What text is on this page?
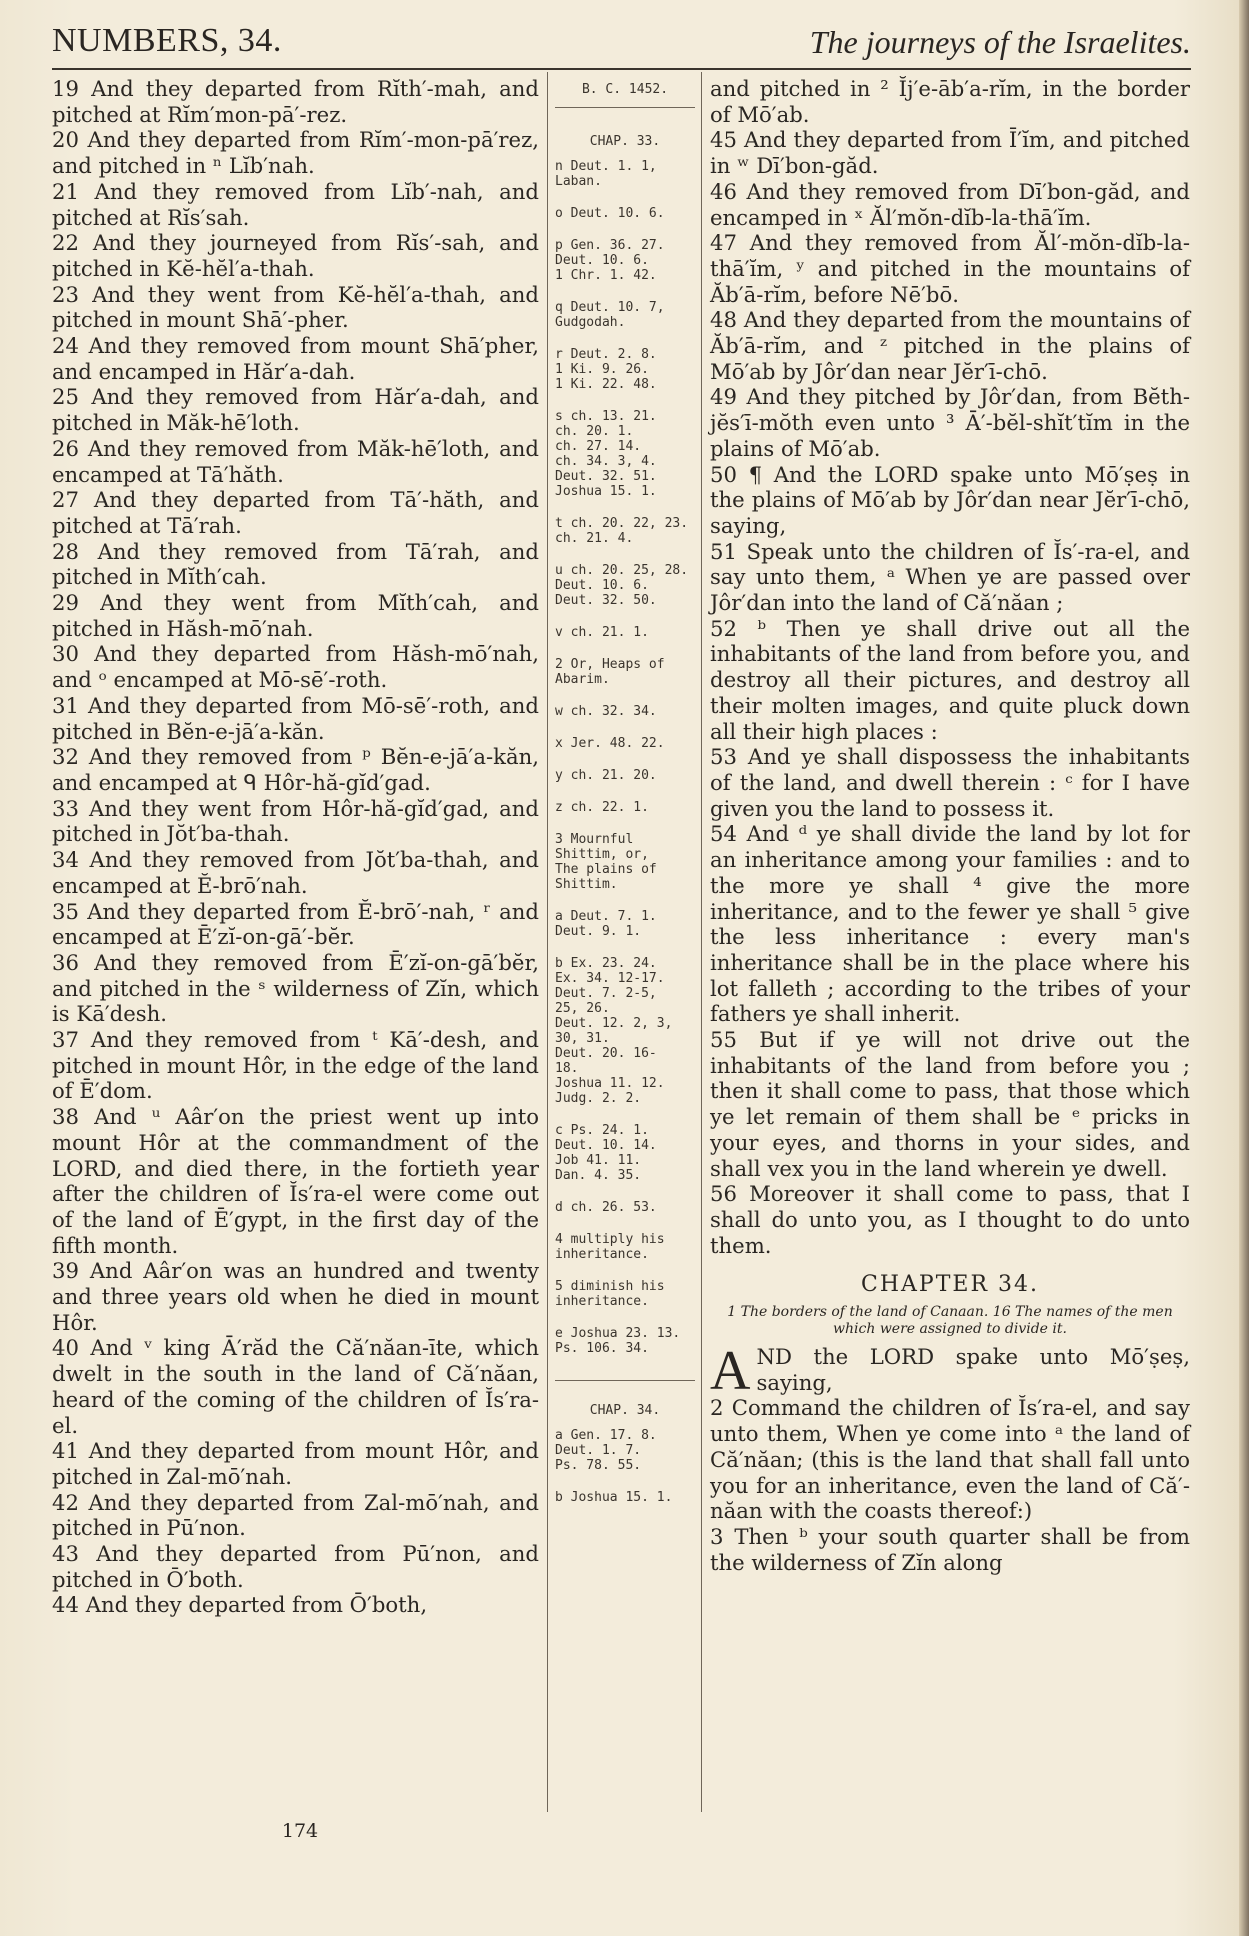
NUMBERS, 34.	The journeys of the Israelites.

19 And they departed from Rĭth′-mah, and pitched at Rĭm′mon-pā′-rez.

20 And they departed from Rĭm′-mon-pā′rez, and pitched in ⁿ Lĭb′nah.

21 And they removed from Lĭb′-nah, and pitched at Rĭs′sah.

22 And they journeyed from Rĭs′-sah, and pitched in Kĕ-hĕl′a-thah.

23 And they went from Kĕ-hĕl′a-thah, and pitched in mount Shā′-pher.

24 And they removed from mount Shā′pher, and encamped in Hăr′a-dah.

25 And they removed from Hăr′a-dah, and pitched in Măk-hē′loth.

26 And they removed from Măk-hē′loth, and encamped at Tā′hăth.

27 And they departed from Tā′-hăth, and pitched at Tā′rah.

28 And they removed from Tā′rah, and pitched in Mĭth′cah.

29 And they went from Mĭth′cah, and pitched in Hăsh-mō′nah.

30 And they departed from Hăsh-mō′nah, and ᵒ encamped at Mō-sē′-roth.

31 And they departed from Mō-sē′-roth, and pitched in Bĕn-e-jā′a-kăn.

32 And they removed from ᵖ Bĕn-e-jā′a-kăn, and encamped at ᑫ Hôr-hă-gĭd′gad.

33 And they went from Hôr-hă-gĭd′gad, and pitched in Jŏt′ba-thah.

34 And they removed from Jŏt′ba-thah, and encamped at Ĕ-brō′nah.

35 And they departed from Ĕ-brō′-nah, ʳ and encamped at Ē′zĭ-on-gā′-bĕr.

36 And they removed from Ē′zĭ-on-gā′bĕr, and pitched in the ˢ wilderness of Zĭn, which is Kā′desh.

37 And they removed from ᵗ Kā′-desh, and pitched in mount Hôr, in the edge of the land of Ē′dom.

38 And ᵘ Aâr′on the priest went up into mount Hôr at the commandment of the LORD, and died there, in the fortieth year after the children of Ĭs′ra-el were come out of the land of Ē′gypt, in the first day of the fifth month.

39 And Aâr′on was an hundred and twenty and three years old when he died in mount Hôr.

40 And ᵛ king Ā′răd the Că′năan-īte, which dwelt in the south in the land of Că′năan, heard of the coming of the children of Ĭs′ra-el.

41 And they departed from mount Hôr, and pitched in Zal-mō′nah.

42 And they departed from Zal-mō′nah, and pitched in Pū′non.

43 And they departed from Pū′non, and pitched in Ō′both.

44 And they departed from Ō′both,

B. C. 1452.
CHAP. 33.
n Deut. 1. 1,
Laban.
o Deut. 10. 6.
p Gen. 36. 27.
Deut. 10. 6.
1 Chr. 1. 42.
q Deut. 10. 7,
Gudgodah.
r Deut. 2. 8.
1 Ki. 9. 26.
1 Ki. 22. 48.
s ch. 13. 21.
ch. 20. 1.
ch. 27. 14.
ch. 34. 3, 4.
Deut. 32. 51.
Joshua 15. 1.
t ch. 20. 22, 23.
ch. 21. 4.
u ch. 20. 25, 28.
Deut. 10. 6.
Deut. 32. 50.
v ch. 21. 1.
2 Or, Heaps of
Abarim.
w ch. 32. 34.
x Jer. 48. 22.
y ch. 21. 20.
z ch. 22. 1.
3 Mournful
Shittim, or,
The plains of
Shittim.
a Deut. 7. 1.
Deut. 9. 1.
b Ex. 23. 24.
Ex. 34. 12-17.
Deut. 7. 2-5,
25, 26.
Deut. 12. 2, 3,
30, 31.
Deut. 20. 16-
18.
Joshua 11. 12.
Judg. 2. 2.
c Ps. 24. 1.
Deut. 10. 14.
Job 41. 11.
Dan. 4. 35.
d ch. 26. 53.
4 multiply his
inheritance.
5 diminish his
inheritance.
e Joshua 23. 13.
Ps. 106. 34.
CHAP. 34.
a Gen. 17. 8.
Deut. 1. 7.
Ps. 78. 55.
b Joshua 15. 1.

and pitched in ² Ĭj′e-āb′a-rĭm, in the border of Mō′ab.

45 And they departed from Ī′ĭm, and pitched in ʷ Dī′bon-găd.

46 And they removed from Dī′bon-găd, and encamped in ˣ Ăl′mŏn-dĭb-la-thā′ĭm.

47 And they removed from Ăl′-mŏn-dĭb-la-thā′ĭm, ʸ and pitched in the mountains of Ăb′ā-rĭm, before Nē′bō.

48 And they departed from the mountains of Ăb′ā-rĭm, and ᶻ pitched in the plains of Mō′ab by Jôr′dan near Jĕr′ī-chō.

49 And they pitched by Jôr′dan, from Bĕth-jĕs′ī-mŏth even unto ³ Ā′-bĕl-shĭt′tĭm in the plains of Mō′ab.

50 ¶ And the LORD spake unto Mō′ṣeṣ in the plains of Mō′ab by Jôr′dan near Jĕr′ī-chō, saying,

51 Speak unto the children of Ĭs′-ra-el, and say unto them, ᵃ When ye are passed over Jôr′dan into the land of Că′năan ;

52 ᵇ Then ye shall drive out all the inhabitants of the land from before you, and destroy all their pictures, and destroy all their molten images, and quite pluck down all their high places :

53 And ye shall dispossess the inhabitants of the land, and dwell therein : ᶜ for I have given you the land to possess it.

54 And ᵈ ye shall divide the land by lot for an inheritance among your families : and to the more ye shall ⁴ give the more inheritance, and to the fewer ye shall ⁵ give the less inheritance : every man's inheritance shall be in the place where his lot falleth ; according to the tribes of your fathers ye shall inherit.

55 But if ye will not drive out the inhabitants of the land from before you ; then it shall come to pass, that those which ye let remain of them shall be ᵉ pricks in your eyes, and thorns in your sides, and shall vex you in the land wherein ye dwell.

56 Moreover it shall come to pass, that I shall do unto you, as I thought to do unto them.

CHAPTER 34.
1 The borders of the land of Canaan. 16 The names of the men which were assigned to divide it.

AND the LORD spake unto Mō′ṣeṣ, saying,

2 Command the children of Ĭs′ra-el, and say unto them, When ye come into ᵃ the land of Că′năan; (this is the land that shall fall unto you for an inheritance, even the land of Că′-năan with the coasts thereof:)

3 Then ᵇ your south quarter shall be from the wilderness of Zĭn along

174
